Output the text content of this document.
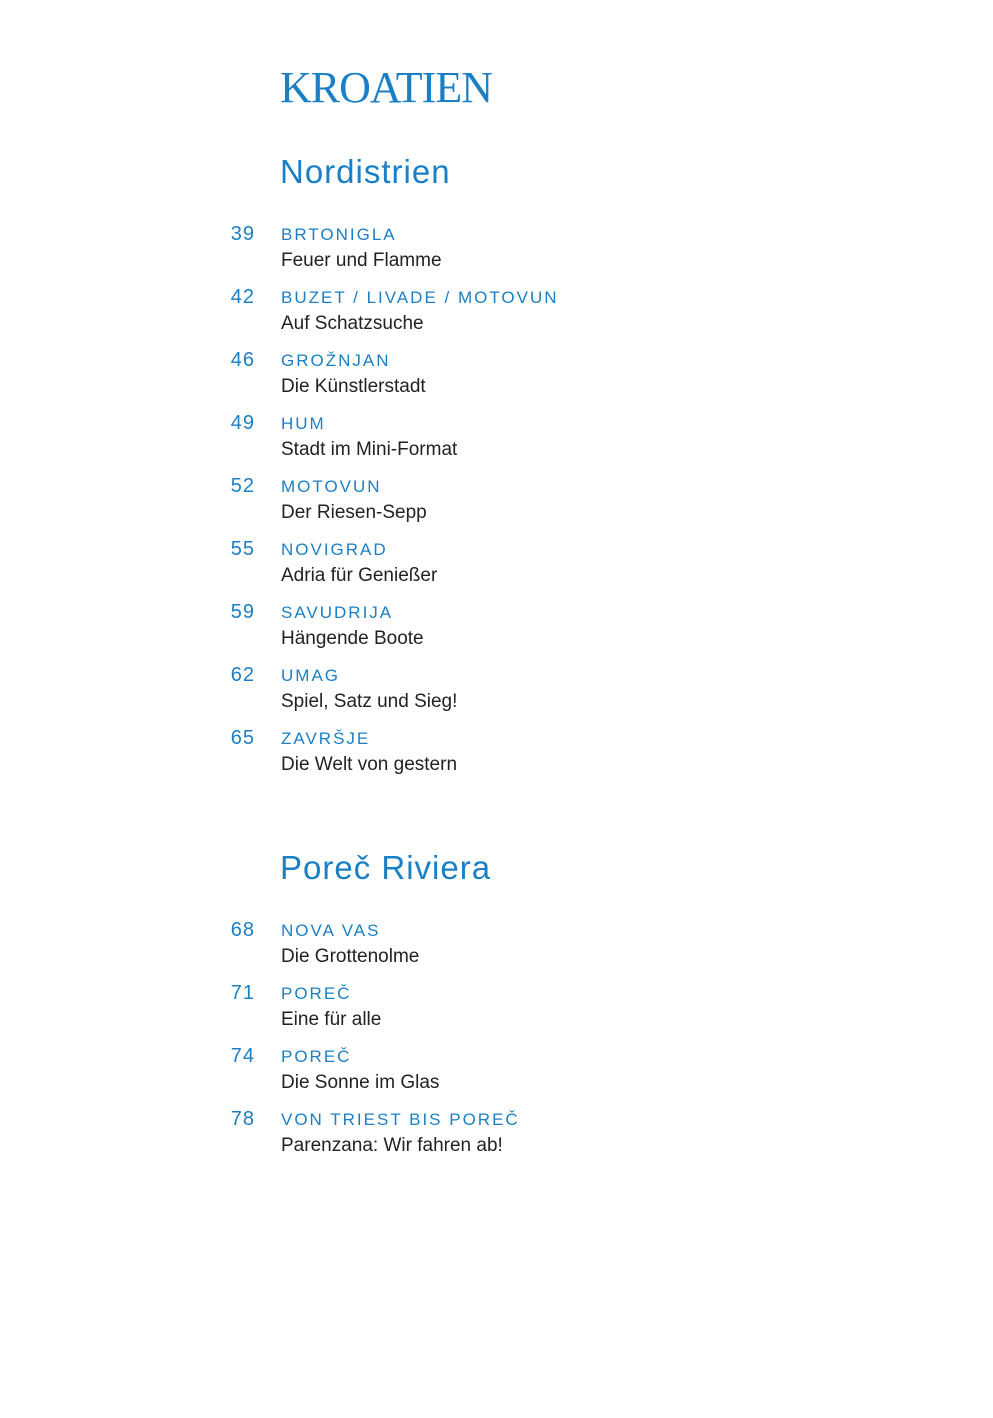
KROATIEN
Nordistrien
39 BRTONIGLA
Feuer und Flamme
42 BUZET / LIVADE / MOTOVUN
Auf Schatzsuche
46 GROŽNJAN
Die Künstlerstadt
49 HUM
Stadt im Mini-Format
52 MOTOVUN
Der Riesen-Sepp
55 NOVIGRAD
Adria für Genießer
59 SAVUDRIJA
Hängende Boote
62 UMAG
Spiel, Satz und Sieg!
65 ZAVRŠJE
Die Welt von gestern
Poreč Riviera
68 NOVA VAS
Die Grottenolme
71 POREČ
Eine für alle
74 POREČ
Die Sonne im Glas
78 VON TRIEST BIS POREČ
Parenzana: Wir fahren ab!
